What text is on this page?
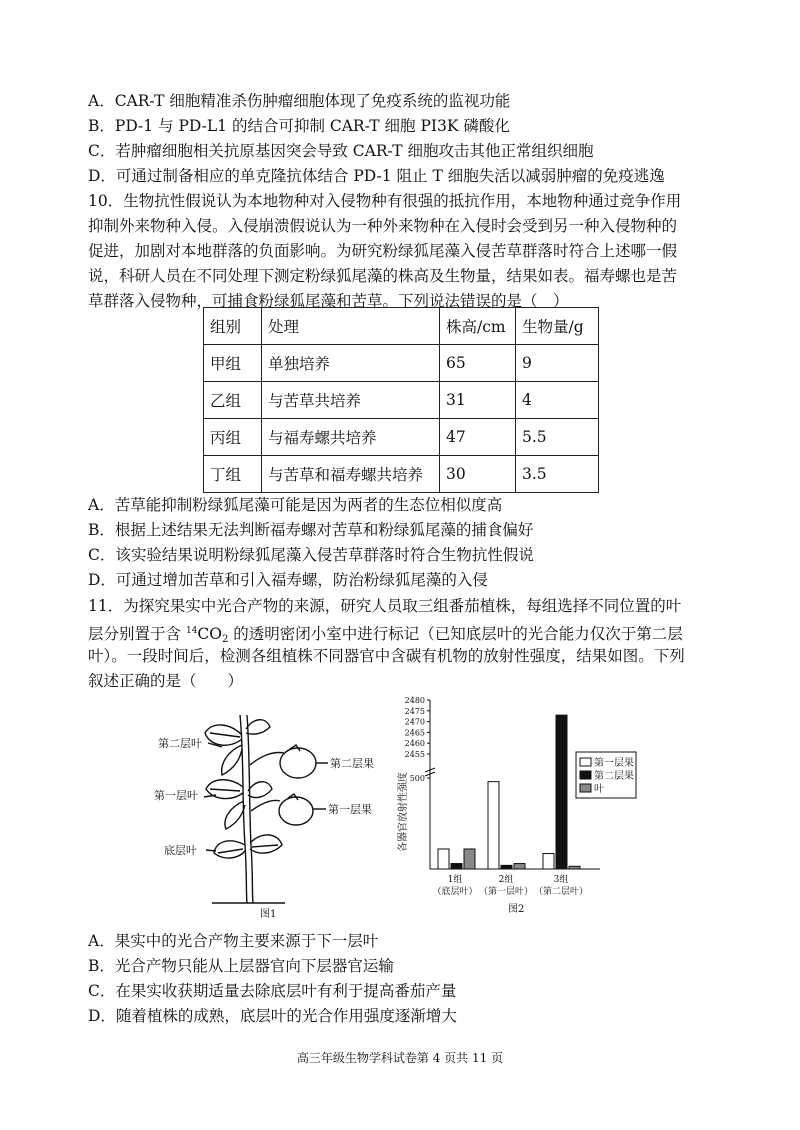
A．CAR-T 细胞精准杀伤肿瘤细胞体现了免疫系统的监视功能
B．PD-1 与 PD-L1 的结合可抑制 CAR-T 细胞 PI3K 磷酸化
C．若肿瘤细胞相关抗原基因突会导致 CAR-T 细胞攻击其他正常组织细胞
D．可通过制备相应的单克隆抗体结合 PD-1 阻止 T 细胞失活以减弱肿瘤的免疫逃逸
10．生物抗性假说认为本地物种对入侵物种有很强的抵抗作用，本地物种通过竞争作用
抑制外来物种入侵。入侵崩溃假说认为一种外来物种在入侵时会受到另一种入侵物种的
促进，加剧对本地群落的负面影响。为研究粉绿狐尾藻入侵苦草群落时符合上述哪一假
说，科研人员在不同处理下测定粉绿狐尾藻的株高及生物量，结果如表。福寿螺也是苦
草群落入侵物种，可捕食粉绿狐尾藻和苦草。下列说法错误的是（　）
组别	处理	株高/cm	生物量/g
甲组	单独培养	65	9
乙组	与苦草共培养	31	4
丙组	与福寿螺共培养	47	5.5
丁组	与苦草和福寿螺共培养	30	3.5
A．苦草能抑制粉绿狐尾藻可能是因为两者的生态位相似度高
B．根据上述结果无法判断福寿螺对苦草和粉绿狐尾藻的捕食偏好
C．该实验结果说明粉绿狐尾藻入侵苦草群落时符合生物抗性假说
D．可通过增加苦草和引入福寿螺，防治粉绿狐尾藻的入侵
11．为探究果实中光合产物的来源，研究人员取三组番茄植株，每组选择不同位置的叶
层分别置于含 $^{14}CO_2$ 的透明密闭小室中进行标记（已知底层叶的光合能力仅次于第二层
叶）。一段时间后，检测各组植株不同器官中含碳有机物的放射性强度，结果如图。下列
叙述正确的是（　　）
第二层叶
第一层叶
底层叶
第二层果
第一层果
图1
各器官放射性强度
2480
2475
2470
2465
2460
2455
500
第一层果
第二层果
叶
1组
（底层叶）
2组
（第一层叶）
3组
（第二层叶）
图2
A．果实中的光合产物主要来源于下一层叶
B．光合产物只能从上层器官向下层器官运输
C．在果实收获期适量去除底层叶有利于提高番茄产量
D．随着植株的成熟，底层叶的光合作用强度逐渐增大
高三年级生物学科试卷第 4 页共 11 页
